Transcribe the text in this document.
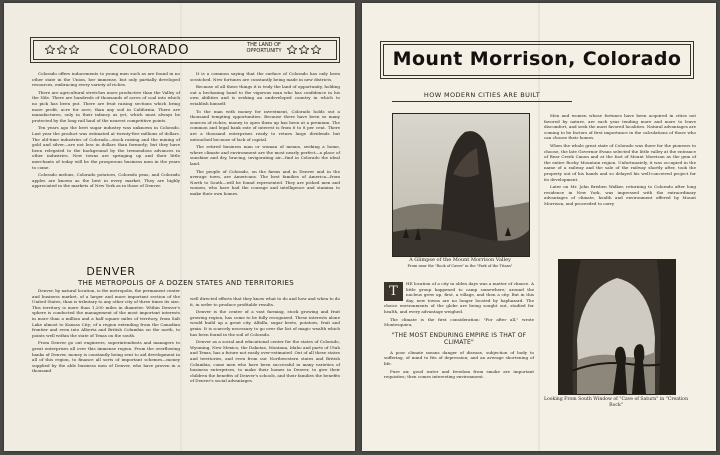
COLORADO	THE LAND OF OPPORTUNITY

Colorado offers inducements to young men such as are found in no other state in the Union, her immense, but only partially developed resources, embracing every variety of riches.

There are agricultural stretches more productive than the Valley of the Nile. There are hundreds of thousands of acres of coal into which no pick has been put. There are fruit raising sections which bring more profit, acre for acre, than any soil in California. There are manufactures, only in their infancy as yet, which must always be protected by the long rail haul of the nearest competitive points.

Ten years ago the beet sugar industry was unknown in Colorado. Last year the product was estimated at twenty-five millions of dollars. The old-time industries of Colorado—stock raising and the mining of gold and silver—are not less in dollars than formerly; but they have been relegated to the background by the tremendous advances in other industries. New towns are springing up and their little merchants of today will be the prosperous business men in the years to come.

Colorado melons, Colorado potatoes, Colorado peas, and Colorado apples are known as the best in every market. They are highly appreciated in the markets of New York as in those of Denver.

It is a common saying that the surface of Colorado has only been scratched. New fortunes are constantly being made in new districts.

Because of all these things it is truly the land of opportunity, holding out a beckoning hand to the vigorous man who has confidence in his own abilities and is seeking an undeveloped country in which to establish himself.

To the man with money for investment, Colorado holds out a thousand tempting opportunities. Because there have been so many sources of riches, money to open them up has been at a premium. The common and legal bank rate of interest is from 6 to 8 per cent. There are a thousand enterprises ready to return large dividends but untouched because of lack of capital.

The retired business man or woman of means, seeking a home, where climate and environment are the most nearly perfect—a place of sunshine and dry, bracing, invigorating air—find in Colorado the ideal land.

The people of Colorado, on the farms and in Denver and in the average town, are Americans. The best families of America—from North to South—will be found represented. They are picked men and women, who have had the courage and intelligence and stamina to make their own homes.

DENVER
THE METROPOLIS OF A DOZEN STATES AND TERRITORIES

Denver, by natural location, is the metropolis, the permanent center and business market, of a larger and more important section of the United States, than is tributary to any other city of three times its size. This territory is more than 1,200 miles in diameter. Within Denver's sphere is conducted the management of the most important interests in more than a million and a half square miles of territory, from Salt Lake almost to Kansas City; of a region extending from the Canadian frontier and even into Alberta and British Columbia on the north, to points well within the state of Texas on the south.

From Denver go out engineers, superintendents and managers to great enterprises all over this immense region. From the overflowing banks of Denver, money is constantly being sent to aid development in all of this region, to finance all sorts of important schemes—money supplied by the able business men of Denver, who have proven in a thousand

well directed efforts that they know what to do and how and when to do it, in order to produce profitable results.

Denver is the center of a vast farming, stock growing and fruit growing region, has come to be fully recognized. These interests alone would build up a great city. Alfalfa, sugar beets, potatoes, fruit and grain. It is scarcely necessary to go over the list of magic wealth which has been found in the soil of Colorado.

Denver as a social and educational center for the states of Colorado, Wyoming, New Mexico, the Dakotas, Montana, Idaho and parts of Utah and Texas, has a future not easily over-estimated. Out of all these states and territories, and even from our Northwestern states and British Columbia, come men who have been successful in many varieties of business enterprises, to make their homes in Denver, to give their children the benefits of Denver's schools, and their families the benefits of Denver's social advantages.

Mount Morrison, Colorado
HOW MODERN CITIES ARE BUILT
A Glimpse of the Mount Morrison Valley
From near the "Rock of Caves" in the "Park of the Titans"

T
HE location of a city in olden days was a matter of chance. A little group happened to camp somewhere; around the nucleus grew up, first, a village, and then a city. But in this day, new towns are no longer located by haphazard. The choice environments of the globe are being sought out, studied for health, and every advantage weighed.

The climate is the first consideration: "For after all," wrote Montesquieu,

"THE MOST ENDURING EMPIRE IS THAT OF CLIMATE"

A poor climate means danger of disease, subjection of body to suffering, of mind to fits of depression; and an average shortening of life.

Pure air, good water and freedom from smoke are important requisites; then comes interesting environment.

Men and women whose fortunes have been acquired in cities not favored by nature, are each year tending more and more to leave discomfort, and seek the most favored localities. Natural advantages are coming to be factors of first importance in the calculations of those who can choose their homes.

When the whole great state of Colorado was there for the pioneers to choose, the late Governor Evans selected the little valley at the entrance of Bear Creek Canon and at the foot of Mount Morrison as the gem of the entire Rocky Mountain region. Unfortunately, it was occupied in the name of a railway and the sale of the railway shortly after, took the property out of his hands and so delayed his well-conceived project for its development.

Later on Mr. John Brisben Walker, returning to Colorado after long residence in New York, was impressed with the extraordinary advantages of climate, health and environment offered by Mount Morrison, and proceeded to carry

Looking From South Window of "Cave of Saturn" in "Creation Rock"
